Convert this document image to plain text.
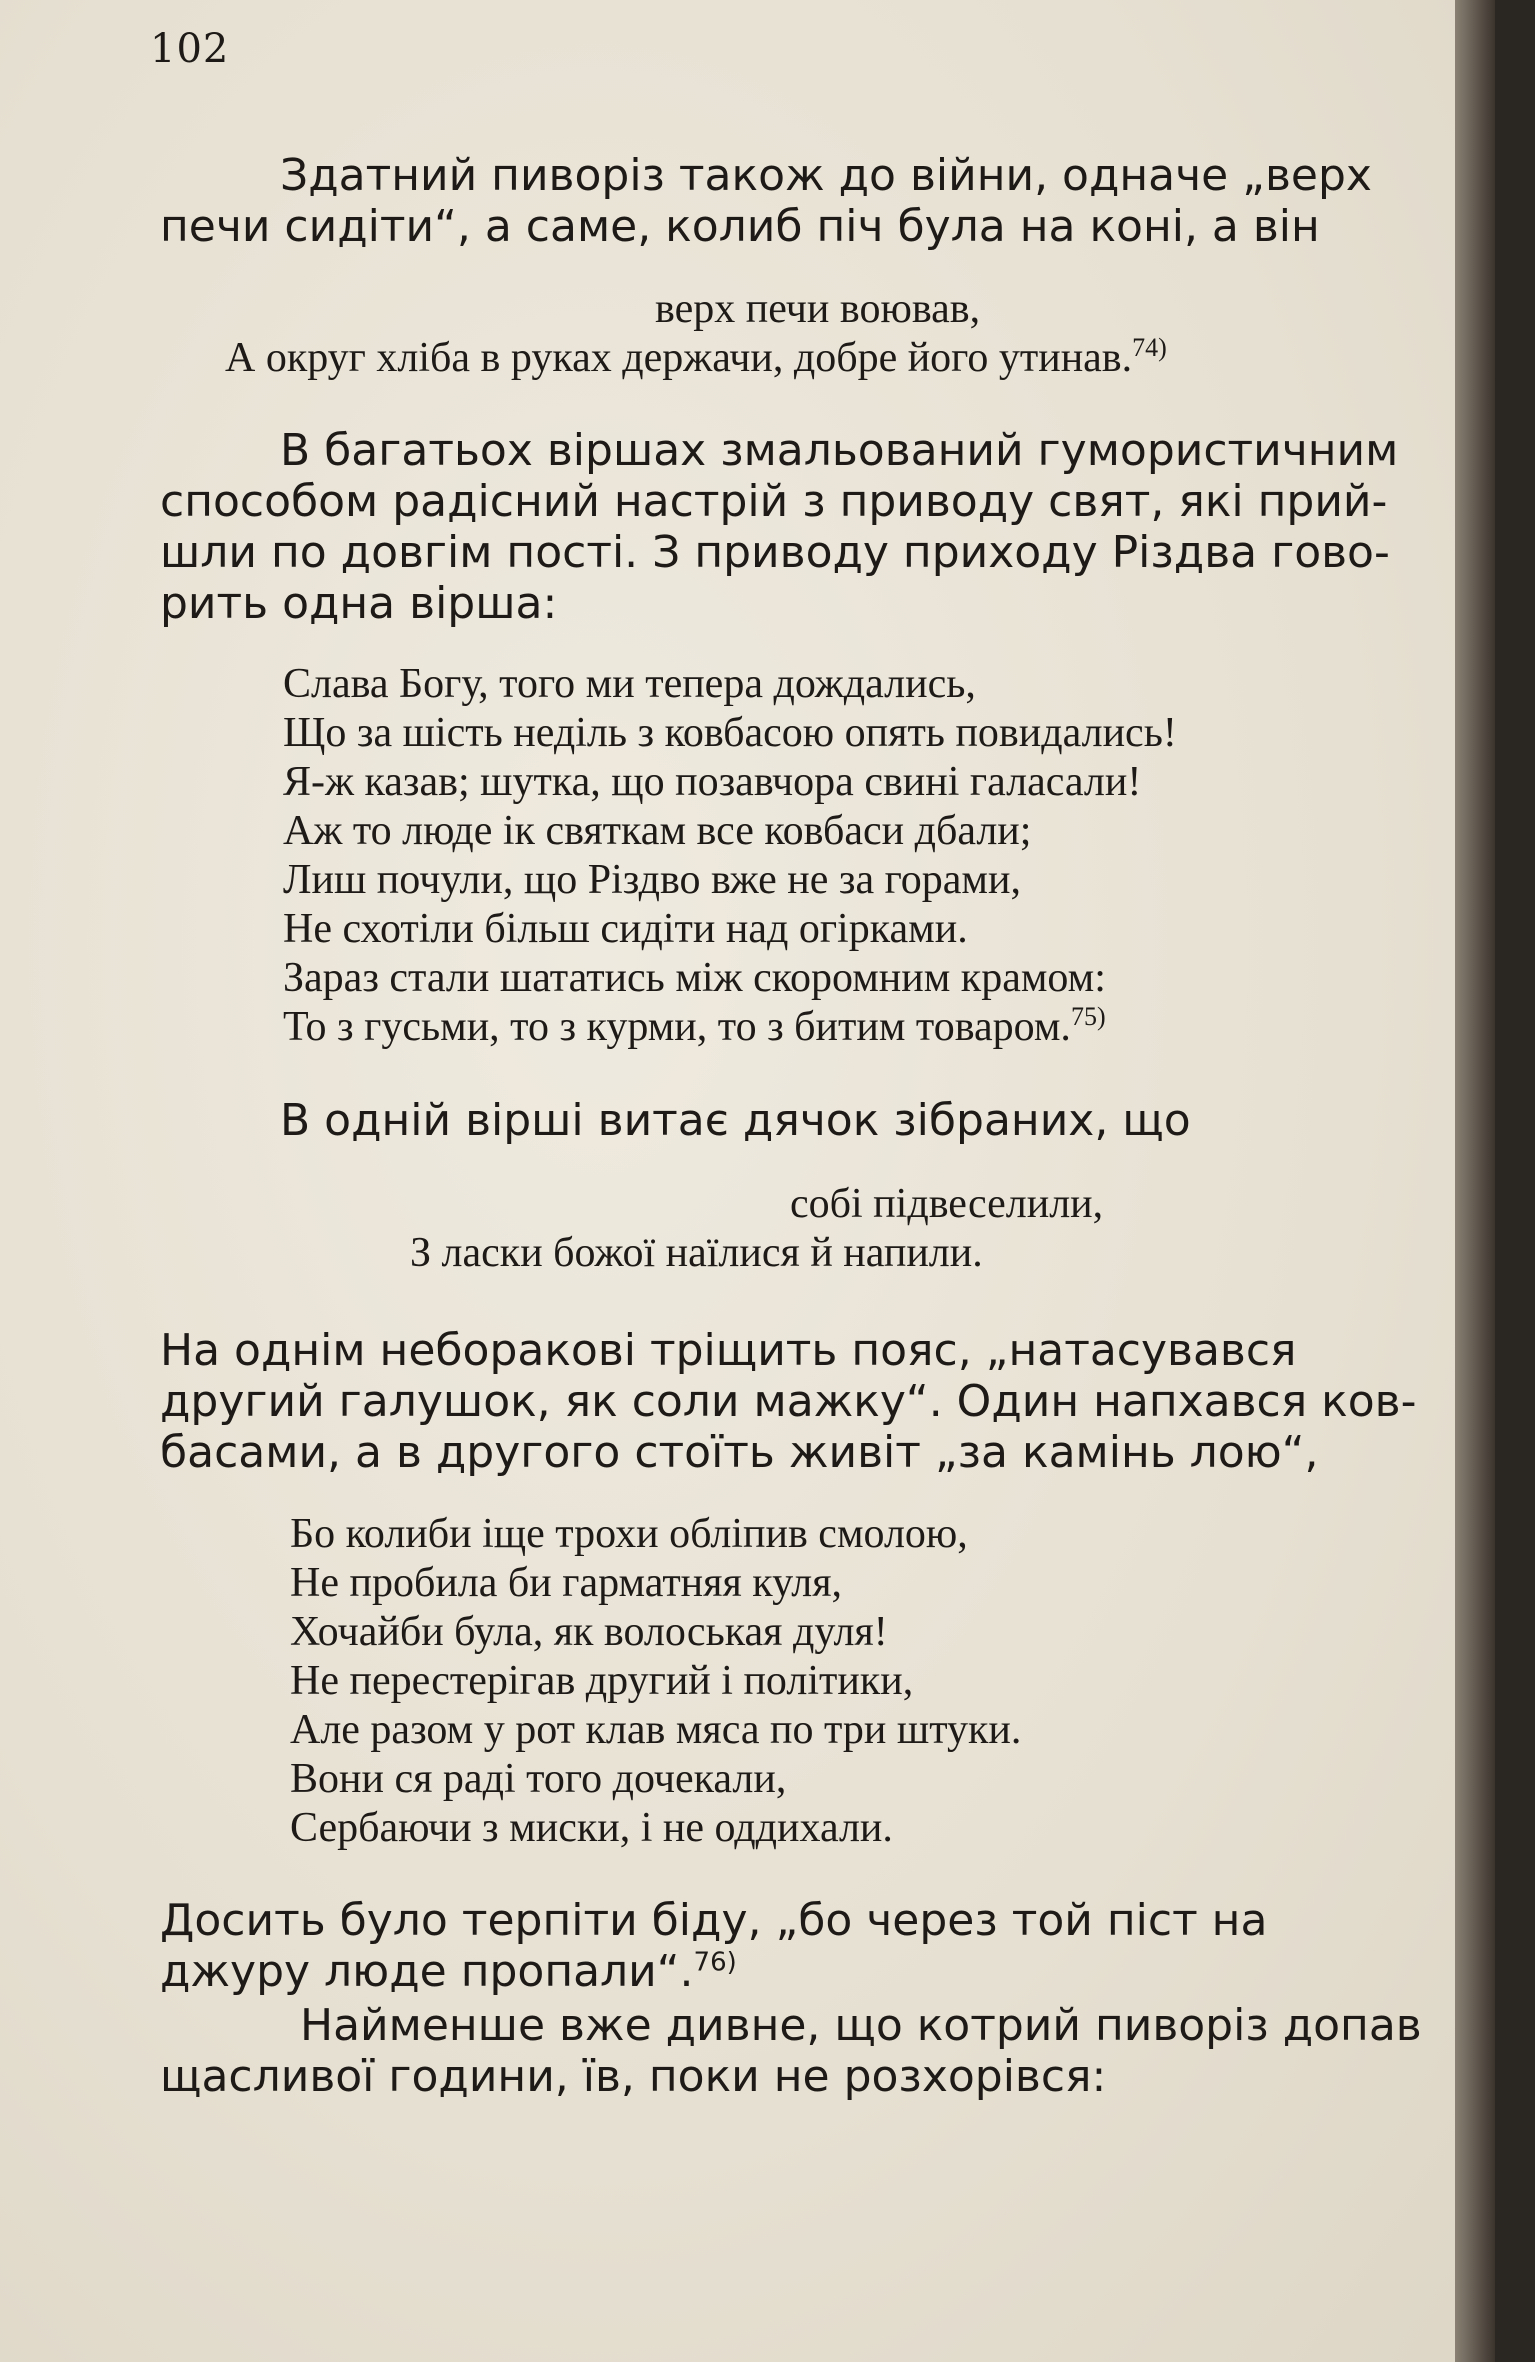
102
Здатний пивоpіз також до війни, одначе „верх
печи сидіти“, а саме, колиб піч була на коні, а він
верх печи воював,
А округ хліба в руках держачи, добре його утинав.$^{74)}$
В багатьох віршах змальований гумористичним
способом радісний настрій з приводу свят, які прий-
шли по довгім пості. З приводу приходу Різдва гово-
рить одна вірша:
Слава Богу, того ми тепера дождались,
Що за шість неділь з ковбасою опять повидались!
Я-ж казав; шутка, що позавчора свині галасали!
Аж то люде ік святкам все ковбаси дбали;
Лиш почули, що Різдво вже не за горами,
Не схотіли більш сидіти над огірками.
Зараз стали шататись між скоромним крамом:
То з гусьми, то з курми, то з битим товаром.$^{75)}$
В одній вірші витає дячок зібраних, що
собі підвеселили,
З ласки божої наїлися й напили.
На однім неборакові тріщить пояс, „натасувався
другий галушок, як соли мажку“. Один напхався ков-
басами, а в другого стоїть живіт „за камінь лою“,
Бо колиби іще трохи обліпив смолою,
Не пробила би гарматняя куля,
Хочайби була, як волоськая дуля!
Не перестерігав другий і політики,
Але разом у рот клав мяса по три штуки.
Вони ся раді того дочекали,
Сербаючи з миски, і не оддихали.
Досить було терпіти біду, „бо через той піст на
джуру люде пропали“.$^{76)}$
Найменше вже дивне, що котрий пивоpіз допав
щасливої години, їв, поки не розхорівся:
